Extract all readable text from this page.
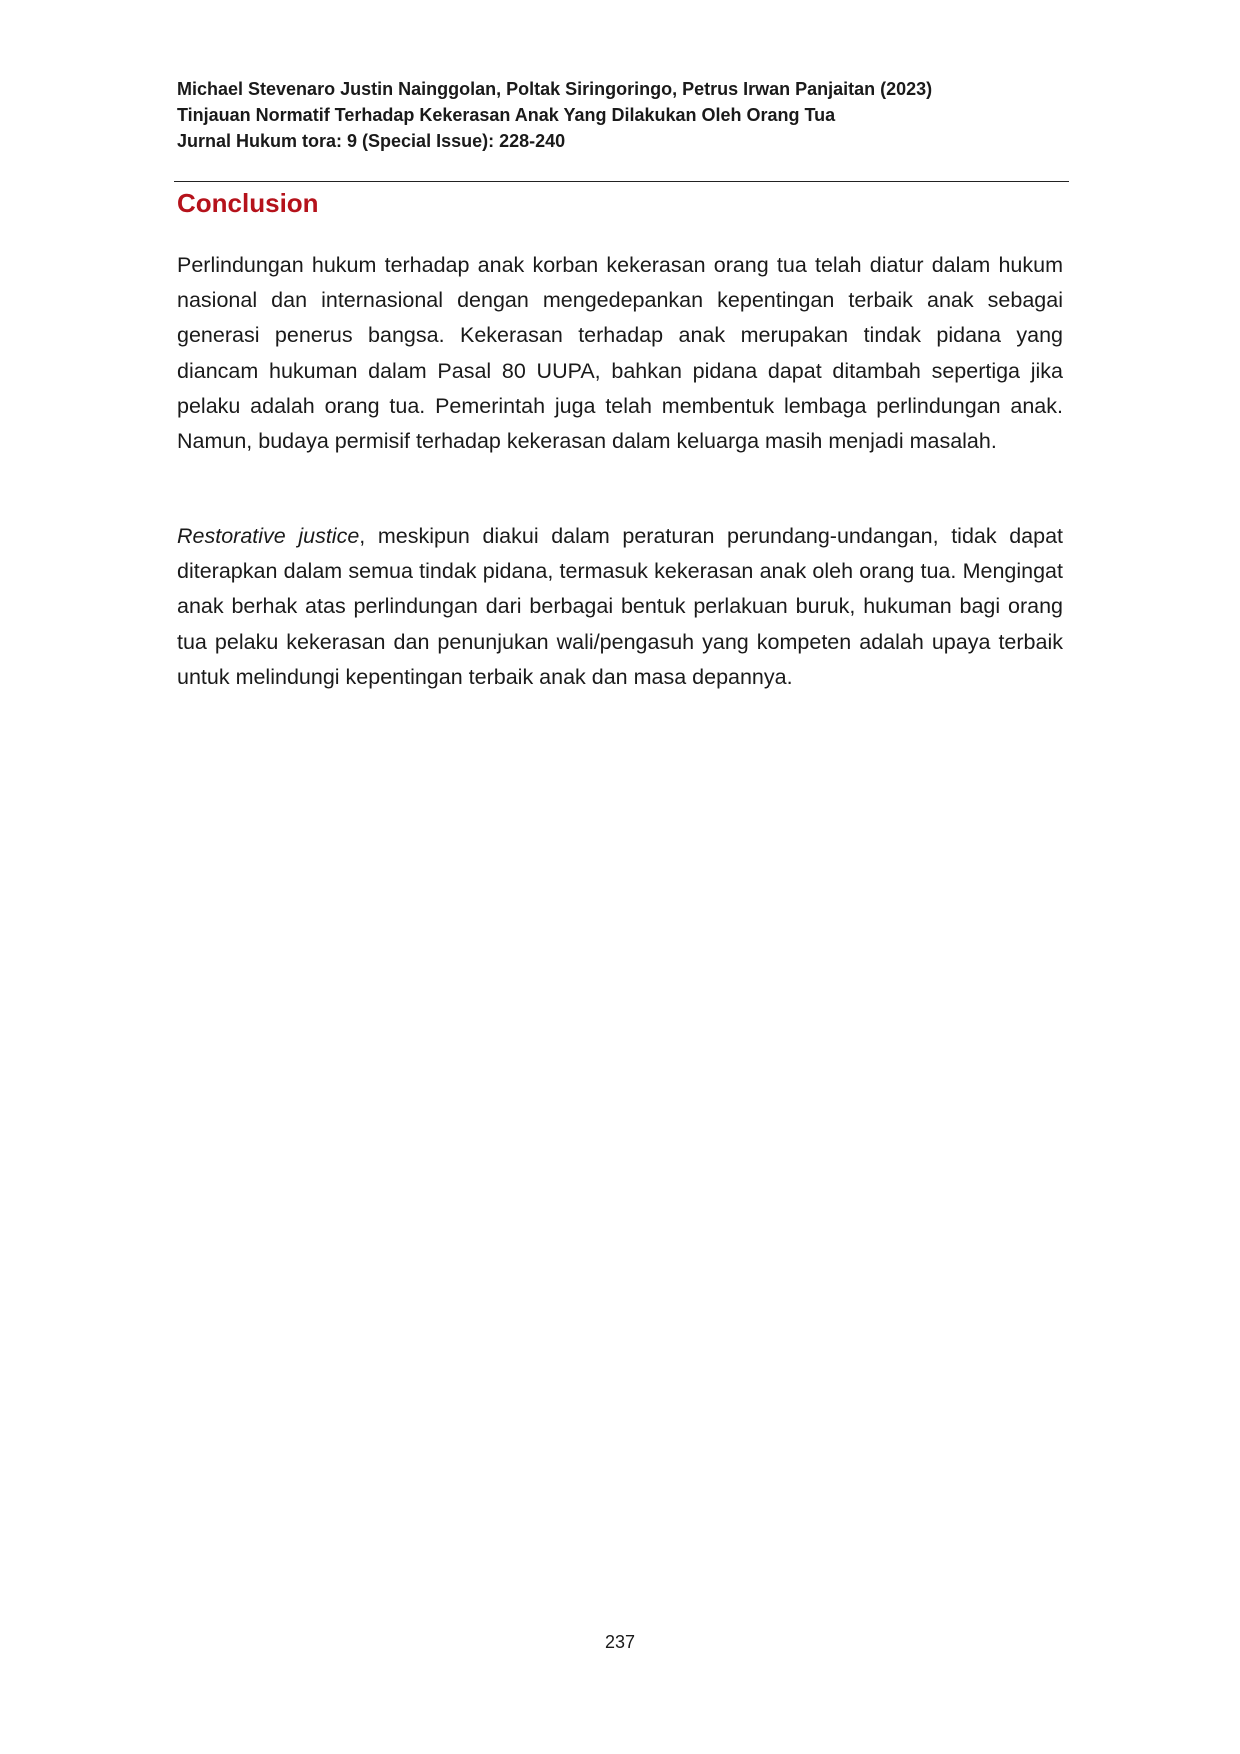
Michael Stevenaro Justin Nainggolan, Poltak Siringoringo, Petrus Irwan Panjaitan (2023)
Tinjauan Normatif Terhadap Kekerasan Anak Yang Dilakukan Oleh Orang Tua
Jurnal Hukum tora: 9 (Special Issue): 228-240
Conclusion

Perlindungan hukum terhadap anak korban kekerasan orang tua telah diatur dalam hukum nasional dan internasional dengan mengedepankan kepentingan terbaik anak sebagai generasi penerus bangsa. Kekerasan terhadap anak merupakan tindak pidana yang diancam hukuman dalam Pasal 80 UUPA, bahkan pidana dapat ditambah sepertiga jika pelaku adalah orang tua. Pemerintah juga telah membentuk lembaga perlindungan anak. Namun, budaya permisif terhadap kekerasan dalam keluarga masih menjadi masalah.

Restorative justice, meskipun diakui dalam peraturan perundang-undangan, tidak dapat diterapkan dalam semua tindak pidana, termasuk kekerasan anak oleh orang tua. Mengingat anak berhak atas perlindungan dari berbagai bentuk perlakuan buruk, hukuman bagi orang tua pelaku kekerasan dan penunjukan wali/pengasuh yang kompeten adalah upaya terbaik untuk melindungi kepentingan terbaik anak dan masa depannya.

237
